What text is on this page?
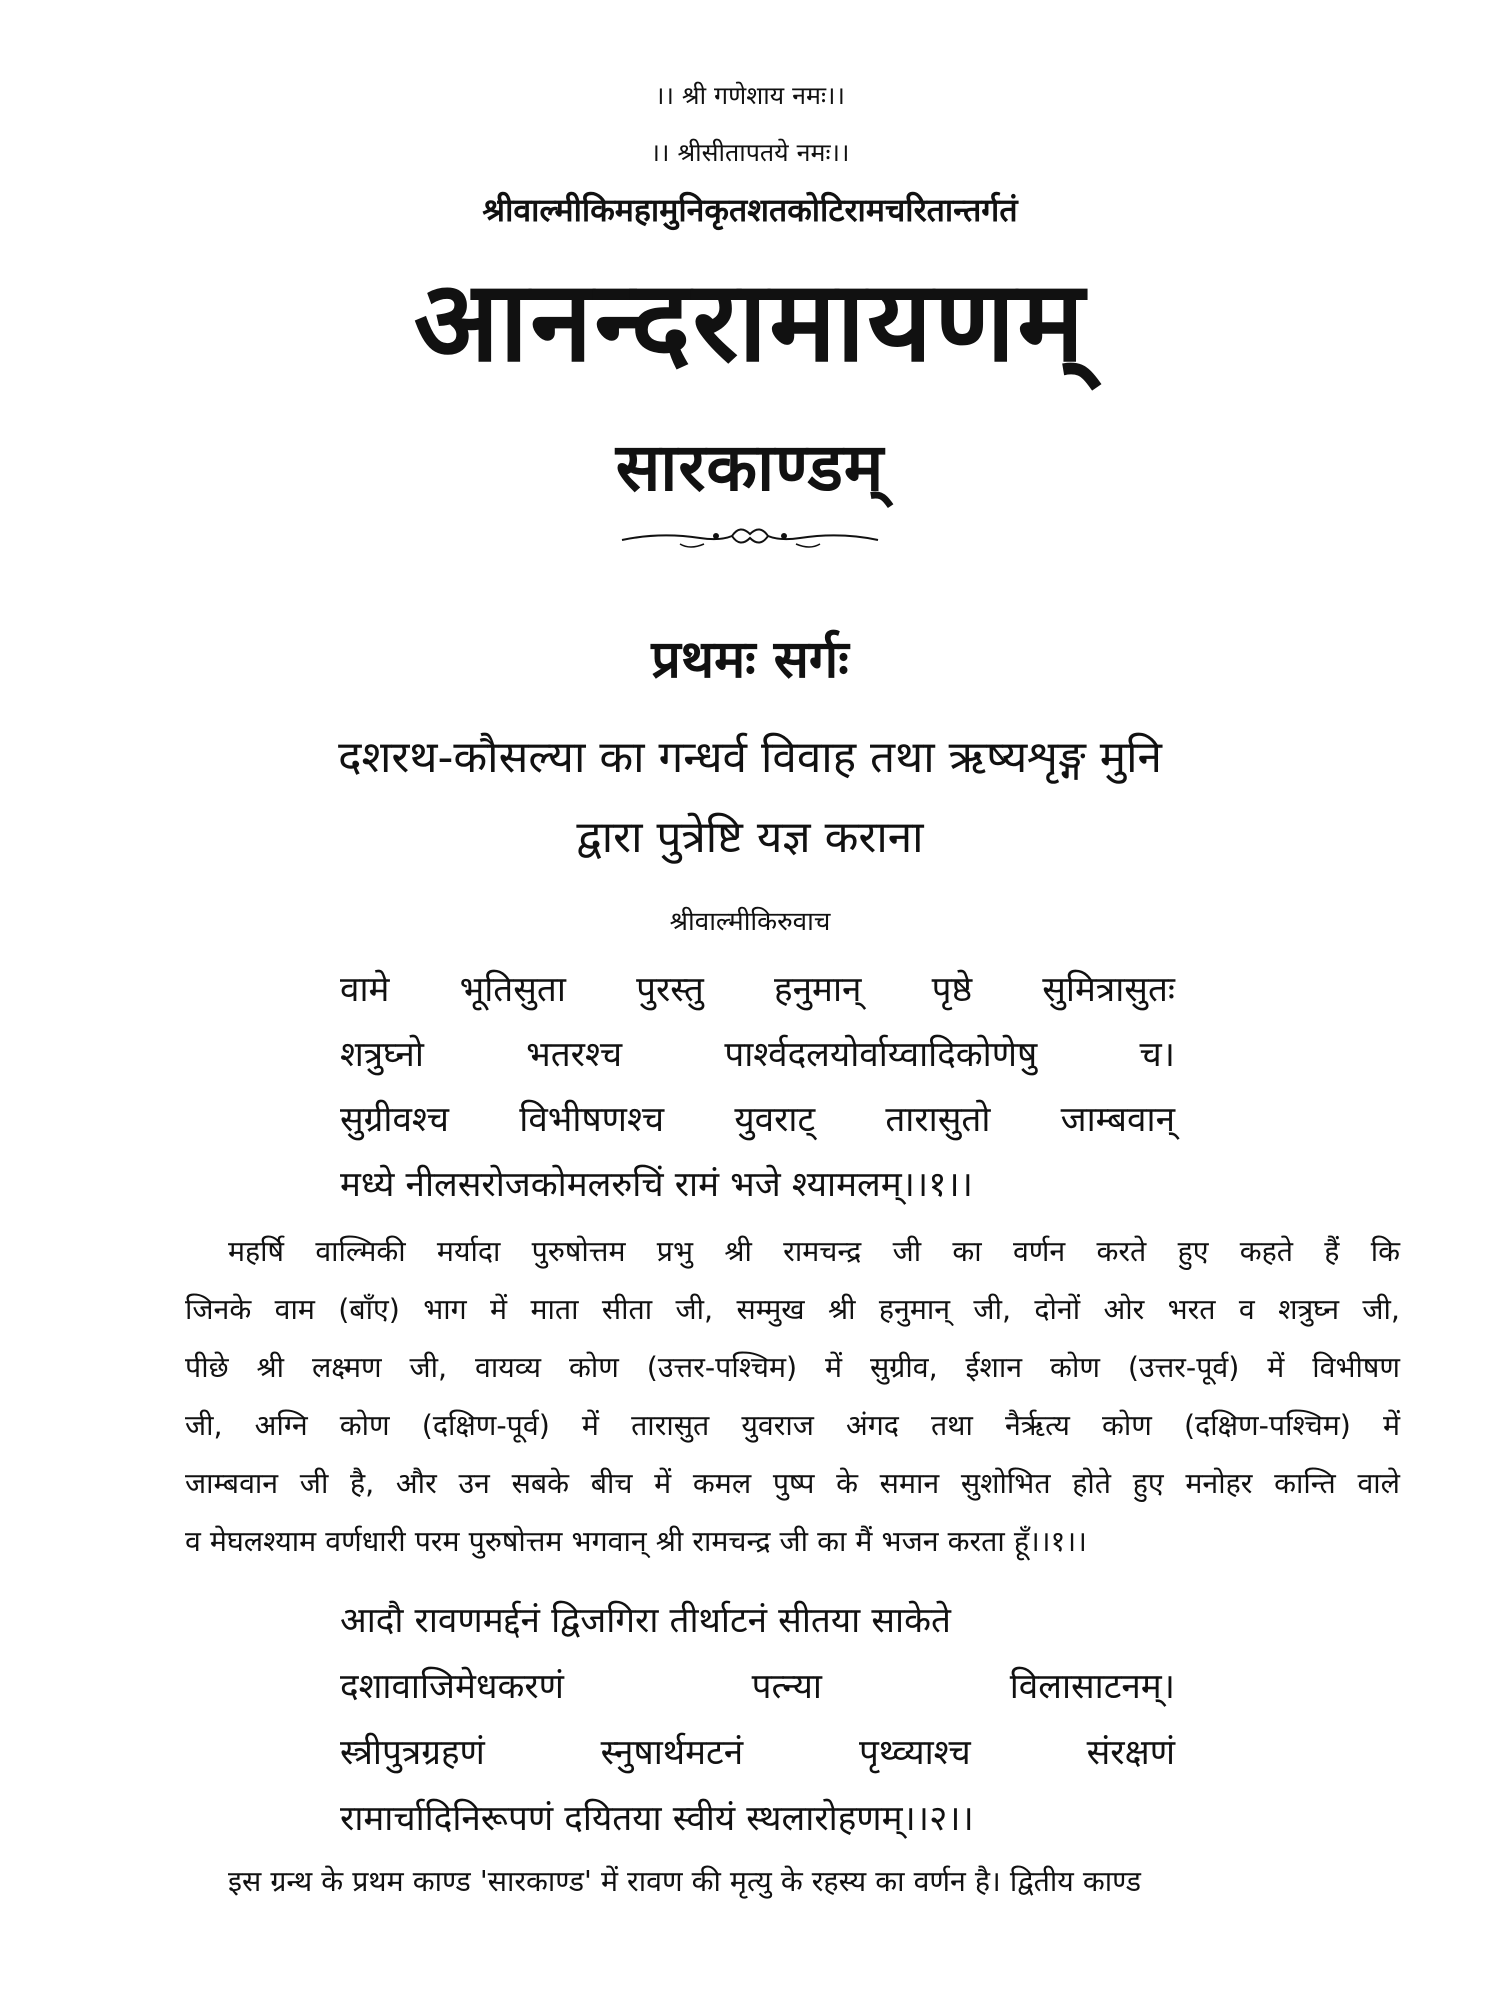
।। श्री गणेशाय नमः।।
।। श्रीसीतापतये नमः।।
श्रीवाल्मीकिमहामुनिकृतशतकोटिरामचरितान्तर्गतं
आनन्दरामायणम्
सारकाण्डम्
प्रथमः सर्गः
दशरथ-कौसल्या का गन्धर्व विवाह तथा ऋष्यशृङ्ग मुनि
द्वारा पुत्रेष्टि यज्ञ कराना
श्रीवाल्मीकिरुवाच
वामे भूतिसुता पुरस्तु हनुमान् पृष्ठे सुमित्रासुतः
शत्रुघ्नो भतरश्च पार्श्वदलयोर्वाय्वादिकोणेषु च।
सुग्रीवश्च विभीषणश्च युवराट् तारासुतो जाम्बवान्
मध्ये नीलसरोजकोमलरुचिं रामं भजे श्यामलम्।।१।।
महर्षि वाल्मिकी मर्यादा पुरुषोत्तम प्रभु श्री रामचन्द्र जी का वर्णन करते हुए कहते हैं कि
जिनके वाम (बाँए) भाग में माता सीता जी, सम्मुख श्री हनुमान् जी, दोनों ओर भरत व शत्रुघ्न जी,
पीछे श्री लक्ष्मण जी, वायव्य कोण (उत्तर-पश्चिम) में सुग्रीव, ईशान कोण (उत्तर-पूर्व) में विभीषण
जी, अग्नि कोण (दक्षिण-पूर्व) में तारासुत युवराज अंगद तथा नैर्ऋत्य कोण (दक्षिण-पश्चिम) में
जाम्बवान जी है, और उन सबके बीच में कमल पुष्प के समान सुशोभित होते हुए मनोहर कान्ति वाले
व मेघलश्याम वर्णधारी परम पुरुषोत्तम भगवान् श्री रामचन्द्र जी का मैं भजन करता हूँ।।१।।
आदौ रावणमर्द्दनं द्विजगिरा तीर्थाटनं सीतया साकेते
दशावाजिमेधकरणं पत्न्या विलासाटनम्।
स्त्रीपुत्रग्रहणं स्नुषार्थमटनं पृथ्व्याश्च संरक्षणं
रामार्चादिनिरूपणं दयितया स्वीयं स्थलारोहणम्।।२।।
इस ग्रन्थ के प्रथम काण्ड 'सारकाण्ड' में रावण की मृत्यु के रहस्य का वर्णन है। द्वितीय काण्ड
